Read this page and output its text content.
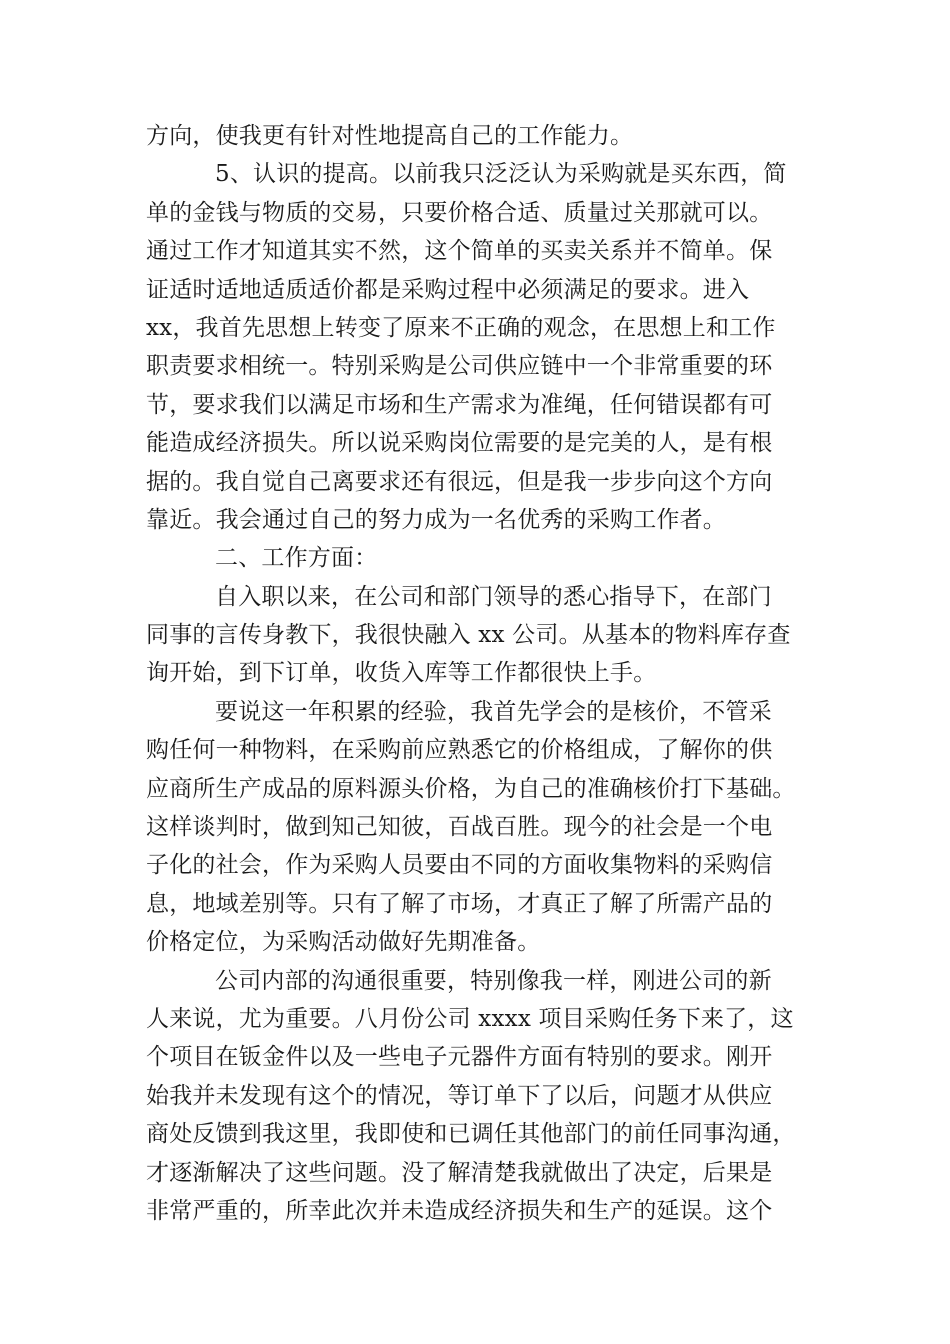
方向，使我更有针对性地提高自己的工作能力。
5、认识的提高。以前我只泛泛认为采购就是买东西，简
单的金钱与物质的交易，只要价格合适、质量过关那就可以。
通过工作才知道其实不然，这个简单的买卖关系并不简单。保
证适时适地适质适价都是采购过程中必须满足的要求。进入
xx，我首先思想上转变了原来不正确的观念，在思想上和工作
职责要求相统一。特别采购是公司供应链中一个非常重要的环
节，要求我们以满足市场和生产需求为准绳，任何错误都有可
能造成经济损失。所以说采购岗位需要的是完美的人，是有根
据的。我自觉自己离要求还有很远，但是我一步步向这个方向
靠近。我会通过自己的努力成为一名优秀的采购工作者。
二、工作方面：
自入职以来，在公司和部门领导的悉心指导下，在部门
同事的言传身教下，我很快融入 xx 公司。从基本的物料库存查
询开始，到下订单，收货入库等工作都很快上手。
要说这一年积累的经验，我首先学会的是核价，不管采
购任何一种物料，在采购前应熟悉它的价格组成，了解你的供
应商所生产成品的原料源头价格，为自己的准确核价打下基础。
这样谈判时，做到知己知彼，百战百胜。现今的社会是一个电
子化的社会，作为采购人员要由不同的方面收集物料的采购信
息，地域差别等。只有了解了市场，才真正了解了所需产品的
价格定位，为采购活动做好先期准备。
公司内部的沟通很重要，特别像我一样，刚进公司的新
人来说，尤为重要。八月份公司 xxxx 项目采购任务下来了，这
个项目在钣金件以及一些电子元器件方面有特别的要求。刚开
始我并未发现有这个的情况，等订单下了以后，问题才从供应
商处反馈到我这里，我即使和已调任其他部门的前任同事沟通，
才逐渐解决了这些问题。没了解清楚我就做出了决定，后果是
非常严重的，所幸此次并未造成经济损失和生产的延误。这个
